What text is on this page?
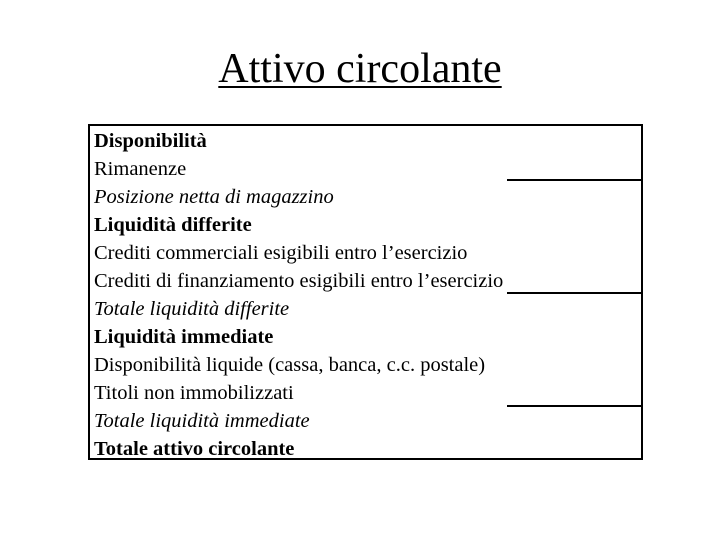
Attivo circolante
Disponibilità
Rimanenze
Posizione netta di magazzino
Liquidità differite
Crediti commerciali esigibili entro l’esercizio
Crediti di finanziamento esigibili entro l’esercizio
Totale liquidità differite
Liquidità immediate
Disponibilità liquide (cassa, banca, c.c. postale)
Titoli non immobilizzati
Totale liquidità immediate
Totale attivo circolante
